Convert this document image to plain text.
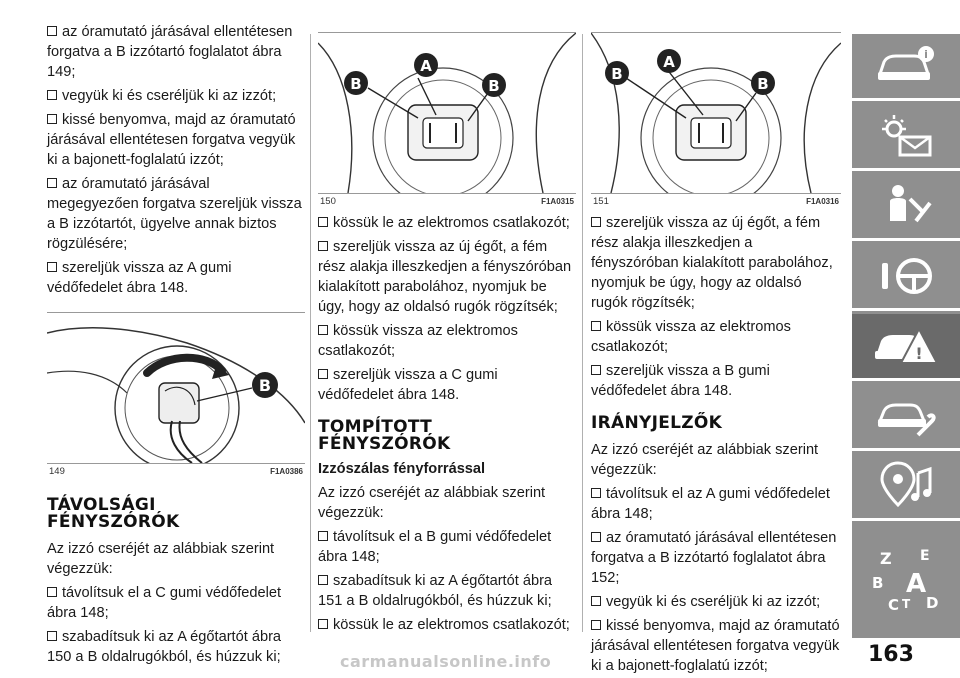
az óramutató járásával ellentétesen forgatva a B izzótartó foglalatot ábra 149;

vegyük ki és cseréljük ki az izzót;

kissé benyomva, majd az óramutató járásával ellentétesen forgatva vegyük ki a bajonett-foglalatú izzót;

az óramutató járásával megegyezően forgatva szereljük vissza a B izzótartót, ügyelve annak biztos rögzülésére;

szereljük vissza az A gumi védőfedelet ábra 148.

B
149	F1A0386
TÁVOLSÁGI
FÉNYSZÓRÓK

Az izzó cseréjét az alábbiak szerint végezzük:

távolítsuk el a C gumi védőfedelet ábra 148;

szabadítsuk ki az A égőtartót ábra 150 a B oldalrugókból, és húzzuk ki;

B
A
B
150	F1A0315

kössük le az elektromos csatlakozót;

szereljük vissza az új égőt, a fém rész alakja illeszkedjen a fényszóróban kialakított parabolához, nyomjuk be úgy, hogy az oldalsó rugók rögzítsék;

kössük vissza az elektromos csatlakozót;

szereljük vissza a C gumi védőfedelet ábra 148.

TOMPÍTOTT
FÉNYSZÓRÓK
Izzószálas fényforrással

Az izzó cseréjét az alábbiak szerint végezzük:

távolítsuk el a B gumi védőfedelet ábra 148;

szabadítsuk ki az A égőtartót ábra 151 a B oldalrugókból, és húzzuk ki;

kössük le az elektromos csatlakozót;

B
A
B
151	F1A0316

szereljük vissza az új égőt, a fém rész alakja illeszkedjen a fényszóróban kialakított parabolához, nyomjuk be úgy, hogy az oldalsó rugók rögzítsék;

kössük vissza az elektromos csatlakozót;

szereljük vissza a B gumi védőfedelet ábra 148.

IRÁNYJELZŐK

Az izzó cseréjét az alábbiak szerint végezzük:

távolítsuk el az A gumi védőfedelet ábra 148;

az óramutató járásával ellentétesen forgatva a B izzótartó foglalatot ábra 152;

vegyük ki és cseréljük ki az izzót;

kissé benyomva, majd az óramutató járásával ellentétesen forgatva vegyük ki a bajonett-foglalatú izzót;

i
!
Z E
B A
C T D
163
carmanualsonline.info
